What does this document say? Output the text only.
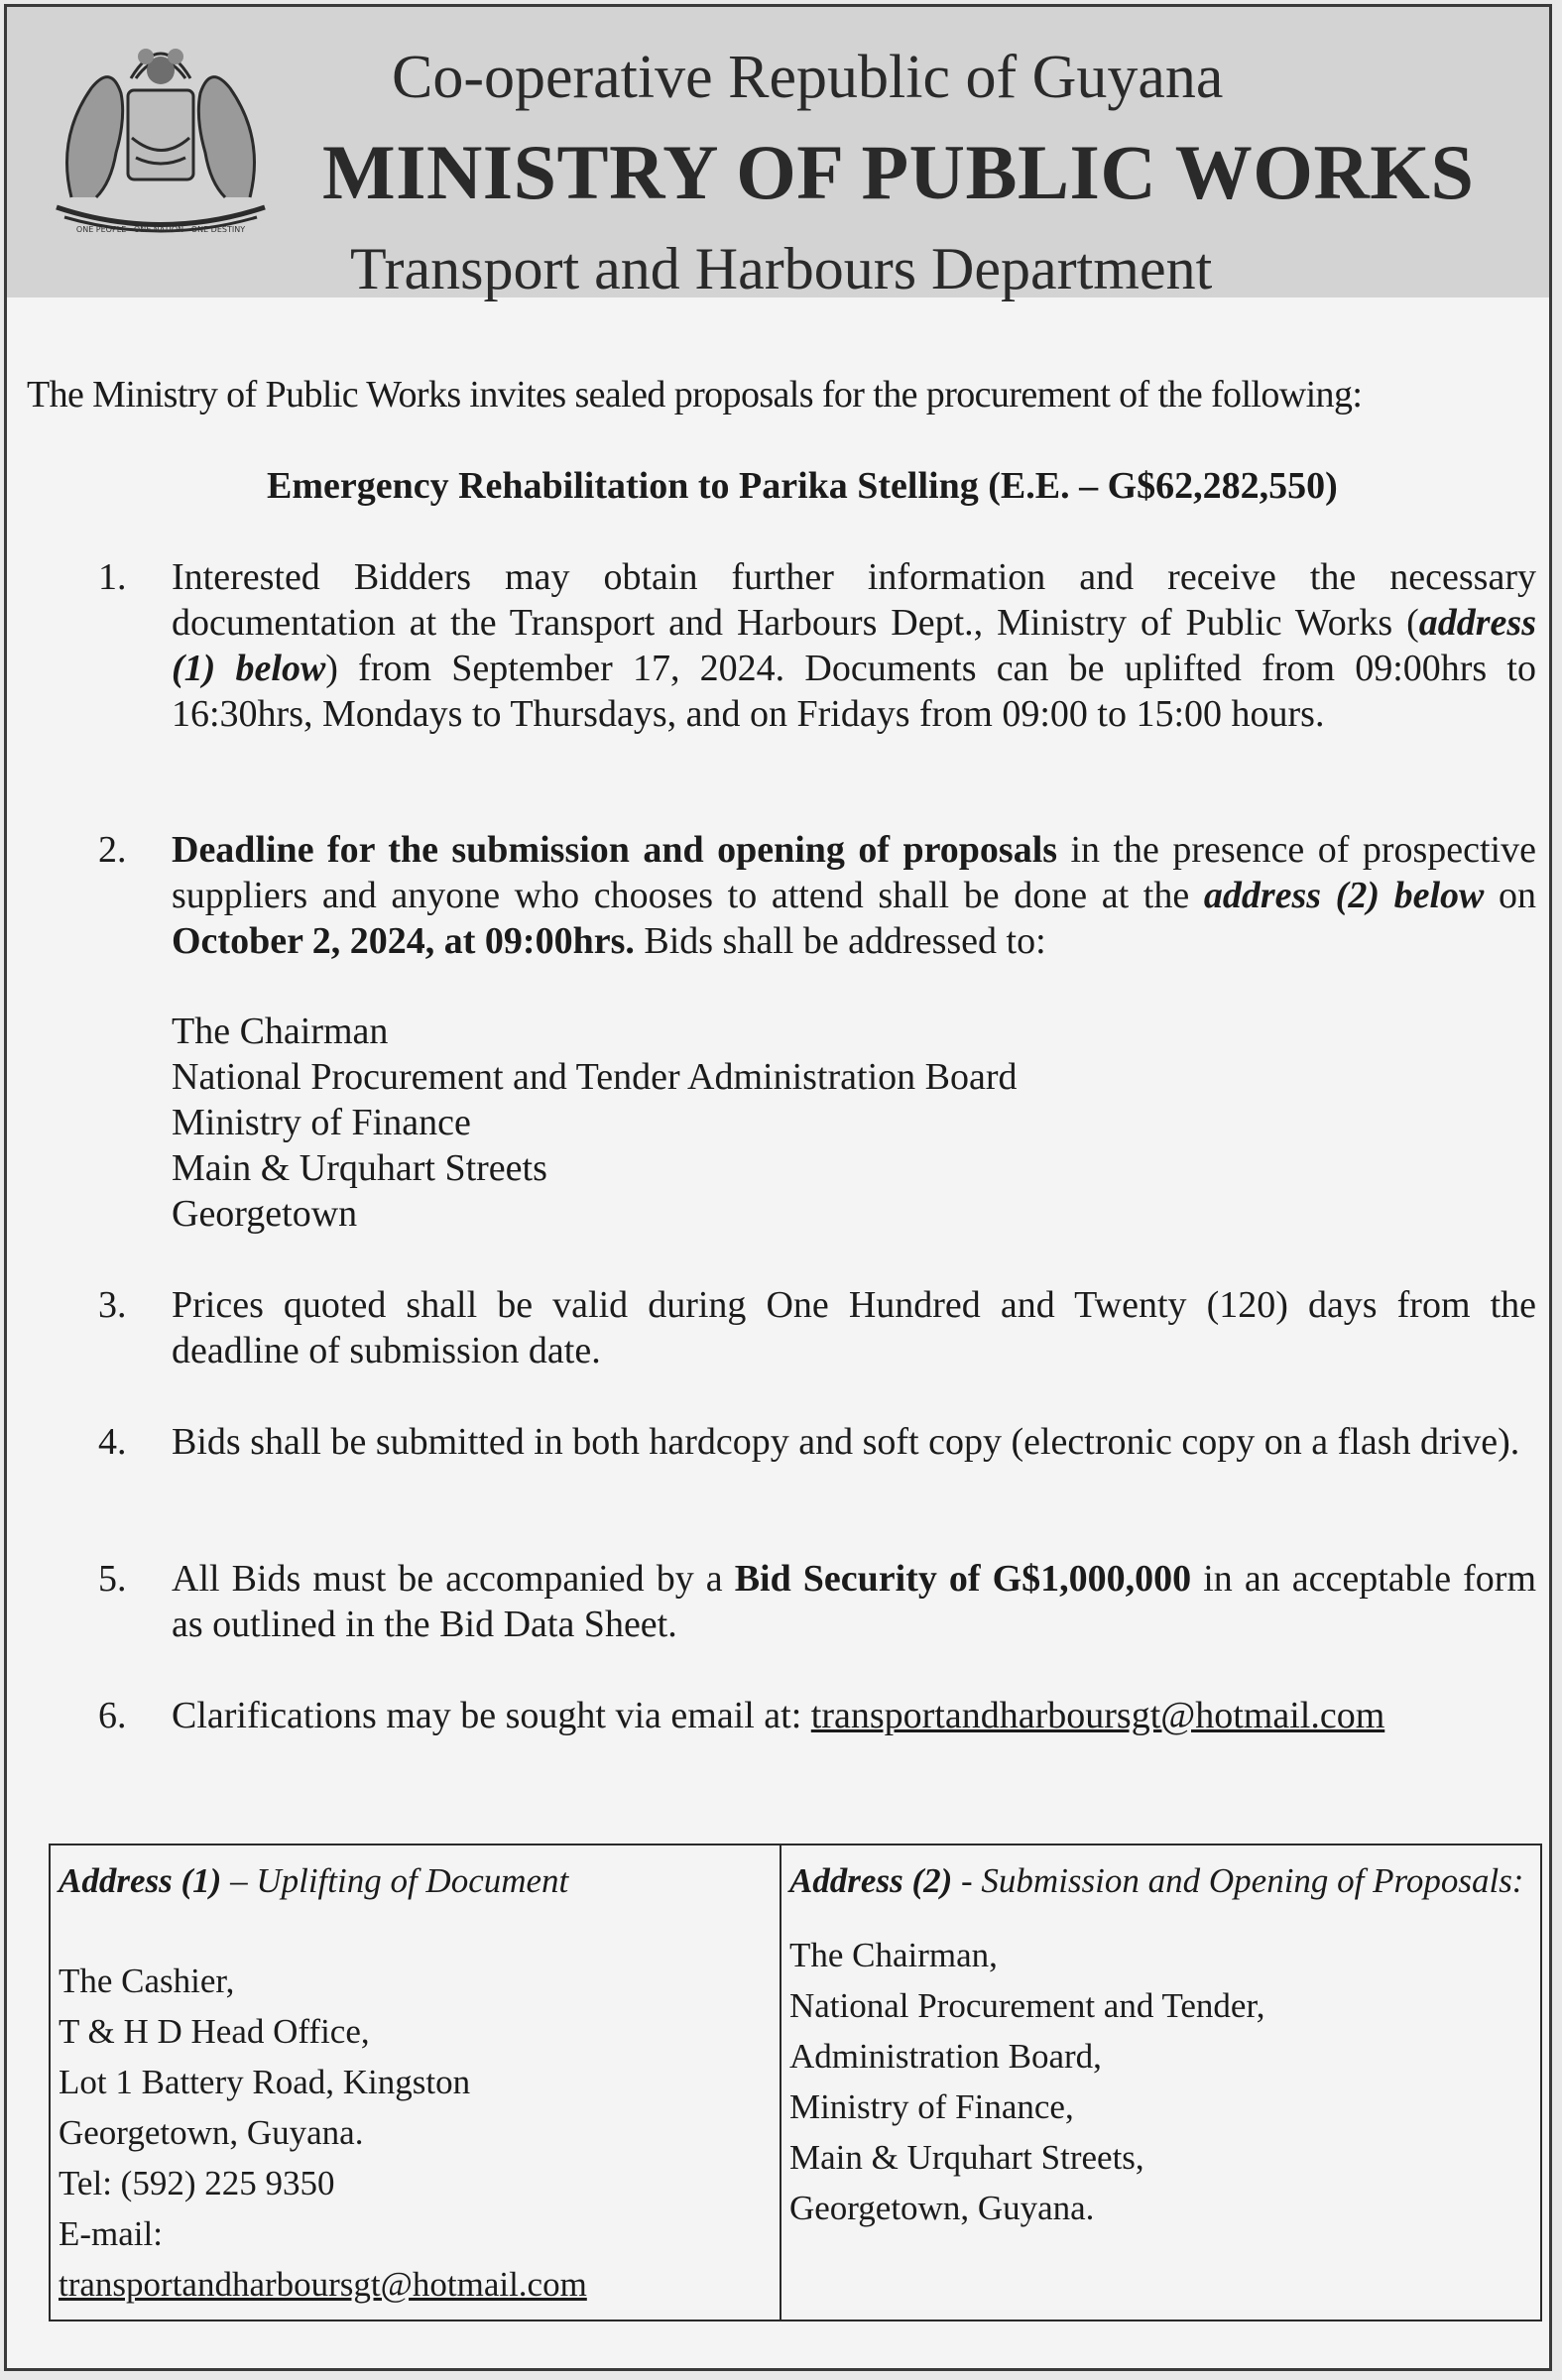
ONE PEOPLE · ONE NATION · ONE DESTINY
Co-operative Republic of Guyana
MINISTRY OF PUBLIC WORKS
Transport and Harbours Department
The Ministry of Public Works invites sealed proposals for the procurement of the following:
Emergency Rehabilitation to Parika Stelling (E.E. – G$62,282,550)
1. Interested Bidders may obtain further information and receive the necessary documentation at the Transport and Harbours Dept., Ministry of Public Works (address (1) below) from September 17, 2024. Documents can be uplifted from 09:00hrs to 16:30hrs, Mondays to Thursdays, and on Fridays from 09:00 to 15:00 hours.
2. Deadline for the submission and opening of proposals in the presence of prospective suppliers and anyone who chooses to attend shall be done at the address (2) below on October 2, 2024, at 09:00hrs. Bids shall be addressed to:
The Chairman
National Procurement and Tender Administration Board
Ministry of Finance
Main & Urquhart Streets
Georgetown
3. Prices quoted shall be valid during One Hundred and Twenty (120) days from the deadline of submission date.
4. Bids shall be submitted in both hardcopy and soft copy (electronic copy on a flash drive).
5. All Bids must be accompanied by a Bid Security of G$1,000,000 in an acceptable form as outlined in the Bid Data Sheet.
6. Clarifications may be sought via email at: transportandharboursgt@hotmail.com
Address (1) – Uplifting of Document
The Cashier,
T & H D Head Office,
Lot 1 Battery Road, Kingston
Georgetown, Guyana.
Tel: (592) 225 9350
E-mail:
transportandharboursgt@hotmail.com

Address (2) - Submission and Opening of Proposals:
The Chairman,
National Procurement and Tender,
Administration Board,
Ministry of Finance,
Main & Urquhart Streets,
Georgetown, Guyana.
